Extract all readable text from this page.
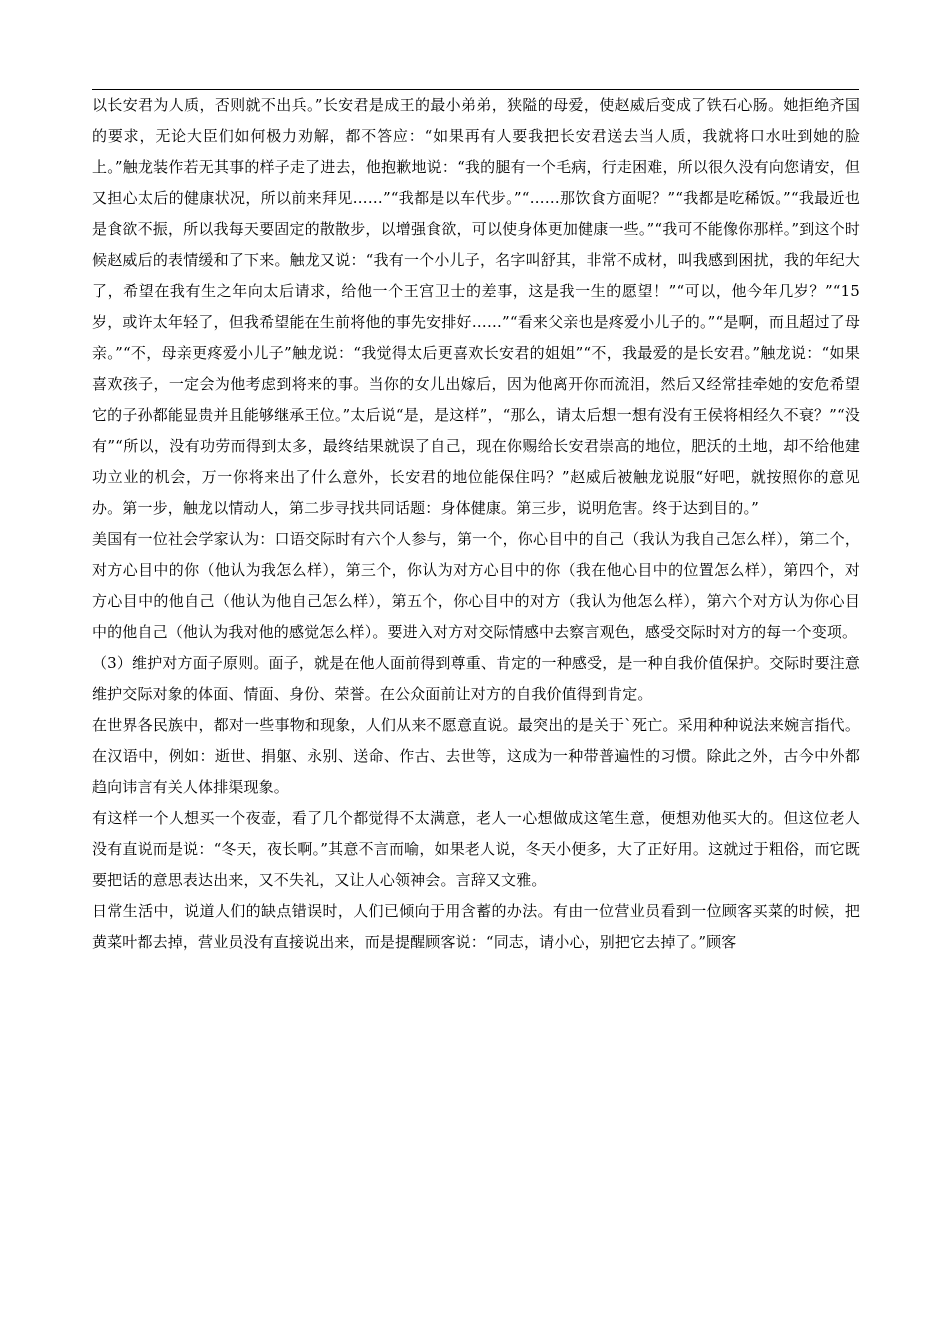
以长安君为人质，否则就不出兵。”长安君是成王的最小弟弟，狭隘的母爱，使赵威后变成了铁石心肠。她拒绝齐国的要求，无论大臣们如何极力劝解，都不答应：“如果再有人要我把长安君送去当人质，我就将口水吐到她的脸上。”触龙装作若无其事的样子走了进去，他抱歉地说：“我的腿有一个毛病，行走困难，所以很久没有向您请安，但又担心太后的健康状况，所以前来拜见……”“我都是以车代步。”“……那饮食方面呢？”“我都是吃稀饭。”“我最近也是食欲不振，所以我每天要固定的散散步，以增强食欲，可以使身体更加健康一些。”“我可不能像你那样。”到这个时候赵威后的表情缓和了下来。触龙又说：“我有一个小儿子，名字叫舒其，非常不成材，叫我感到困扰，我的年纪大了，希望在我有生之年向太后请求，给他一个王宫卫士的差事，这是我一生的愿望！”“可以，他今年几岁？”“15岁，或许太年轻了，但我希望能在生前将他的事先安排好……”“看来父亲也是疼爱小儿子的。”“是啊，而且超过了母亲。”“不，母亲更疼爱小儿子”触龙说：“我觉得太后更喜欢长安君的姐姐”“不，我最爱的是长安君。”触龙说：“如果喜欢孩子，一定会为他考虑到将来的事。当你的女儿出嫁后，因为他离开你而流泪，然后又经常挂牵她的安危希望它的子孙都能显贵并且能够继承王位。”太后说“是，是这样”，“那么，请太后想一想有没有王侯将相经久不衰？”“没有”“所以，没有功劳而得到太多，最终结果就误了自己，现在你赐给长安君崇高的地位，肥沃的土地，却不给他建功立业的机会，万一你将来出了什么意外，长安君的地位能保住吗？”赵威后被触龙说服“好吧，就按照你的意见办。第一步，触龙以情动人，第二步寻找共同话题：身体健康。第三步，说明危害。终于达到目的。”

美国有一位社会学家认为：口语交际时有六个人参与，第一个，你心目中的自己（我认为我自己怎么样），第二个，对方心目中的你（他认为我怎么样），第三个，你认为对方心目中的你（我在他心目中的位置怎么样），第四个，对方心目中的他自己（他认为他自己怎么样），第五个，你心目中的对方（我认为他怎么样），第六个对方认为你心目中的他自己（他认为我对他的感觉怎么样）。要进入对方对交际情感中去察言观色，感受交际时对方的每一个变项。

（3）维护对方面子原则。面子，就是在他人面前得到尊重、肯定的一种感受，是一种自我价值保护。交际时要注意维护交际对象的体面、情面、身份、荣誉。在公众面前让对方的自我价值得到肯定。

在世界各民族中，都对一些事物和现象，人们从来不愿意直说。最突出的是关于`死亡。采用种种说法来婉言指代。在汉语中，例如：逝世、捐躯、永别、送命、作古、去世等，这成为一种带普遍性的习惯。除此之外，古今中外都趋向讳言有关人体排渠现象。

有这样一个人想买一个夜壶，看了几个都觉得不太满意，老人一心想做成这笔生意，便想劝他买大的。但这位老人没有直说而是说：“冬天，夜长啊。”其意不言而喻，如果老人说，冬天小便多，大了正好用。这就过于粗俗，而它既要把话的意思表达出来，又不失礼，又让人心领神会。言辞又文雅。

日常生活中，说道人们的缺点错误时，人们已倾向于用含蓄的办法。有由一位营业员看到一位顾客买菜的时候，把黄菜叶都去掉，营业员没有直接说出来，而是提醒顾客说：“同志，请小心，别把它去掉了。”顾客
